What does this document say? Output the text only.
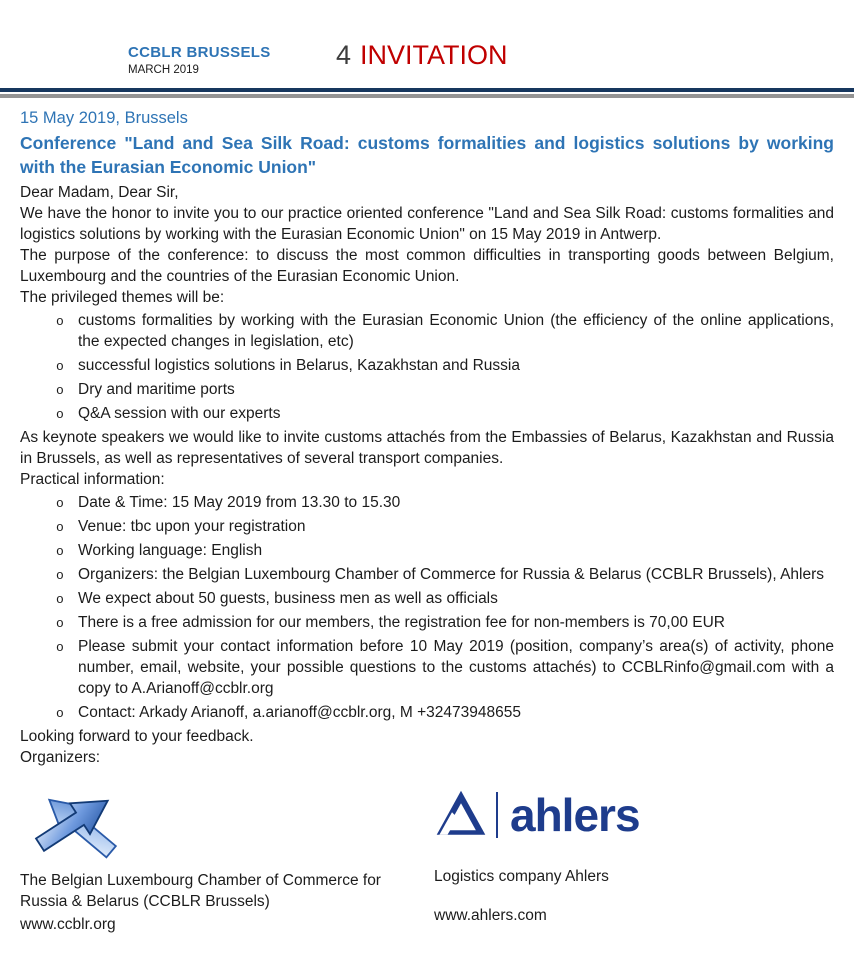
CCBLR BRUSSELS
MARCH 2019	4 INVITATION
15 May 2019, Brussels
Conference "Land and Sea Silk Road: customs formalities and logistics solutions by working with the Eurasian Economic Union"

Dear Madam, Dear Sir,

We have the honor to invite you to our practice oriented conference "Land and Sea Silk Road: customs formalities and logistics solutions by working with the Eurasian Economic Union" on 15 May 2019 in Antwerp.

The purpose of the conference: to discuss the most common difficulties in transporting goods between Belgium, Luxembourg and the countries of the Eurasian Economic Union.

The privileged themes will be:

o customs formalities by working with the Eurasian Economic Union (the efficiency of the online applications, the expected changes in legislation, etc)
o successful logistics solutions in Belarus, Kazakhstan and Russia
o Dry and maritime ports
o Q&A session with our experts

As keynote speakers we would like to invite customs attachés from the Embassies of Belarus, Kazakhstan and Russia in Brussels, as well as representatives of several transport companies.

Practical information:

o Date & Time: 15 May 2019 from 13.30 to 15.30
o Venue: tbc upon your registration
o Working language: English
o Organizers: the Belgian Luxembourg Chamber of Commerce for Russia & Belarus (CCBLR Brussels), Ahlers
o We expect about 50 guests, business men as well as officials
o There is a free admission for our members, the registration fee for non-members is 70,00 EUR
o Please submit your contact information before 10 May 2019 (position, company’s area(s) of activity, phone number, email, website, your possible questions to the customs attachés) to CCBLRinfo@gmail.com with a copy to A.Arianoff@ccblr.org
o Contact: Arkady Arianoff, a.arianoff@ccblr.org, M +32473948655

Looking forward to your feedback.

Organizers:

The Belgian Luxembourg Chamber of Commerce for Russia & Belarus (CCBLR Brussels)
www.ccblr.org
ahlers
Logistics company Ahlers
www.ahlers.com
